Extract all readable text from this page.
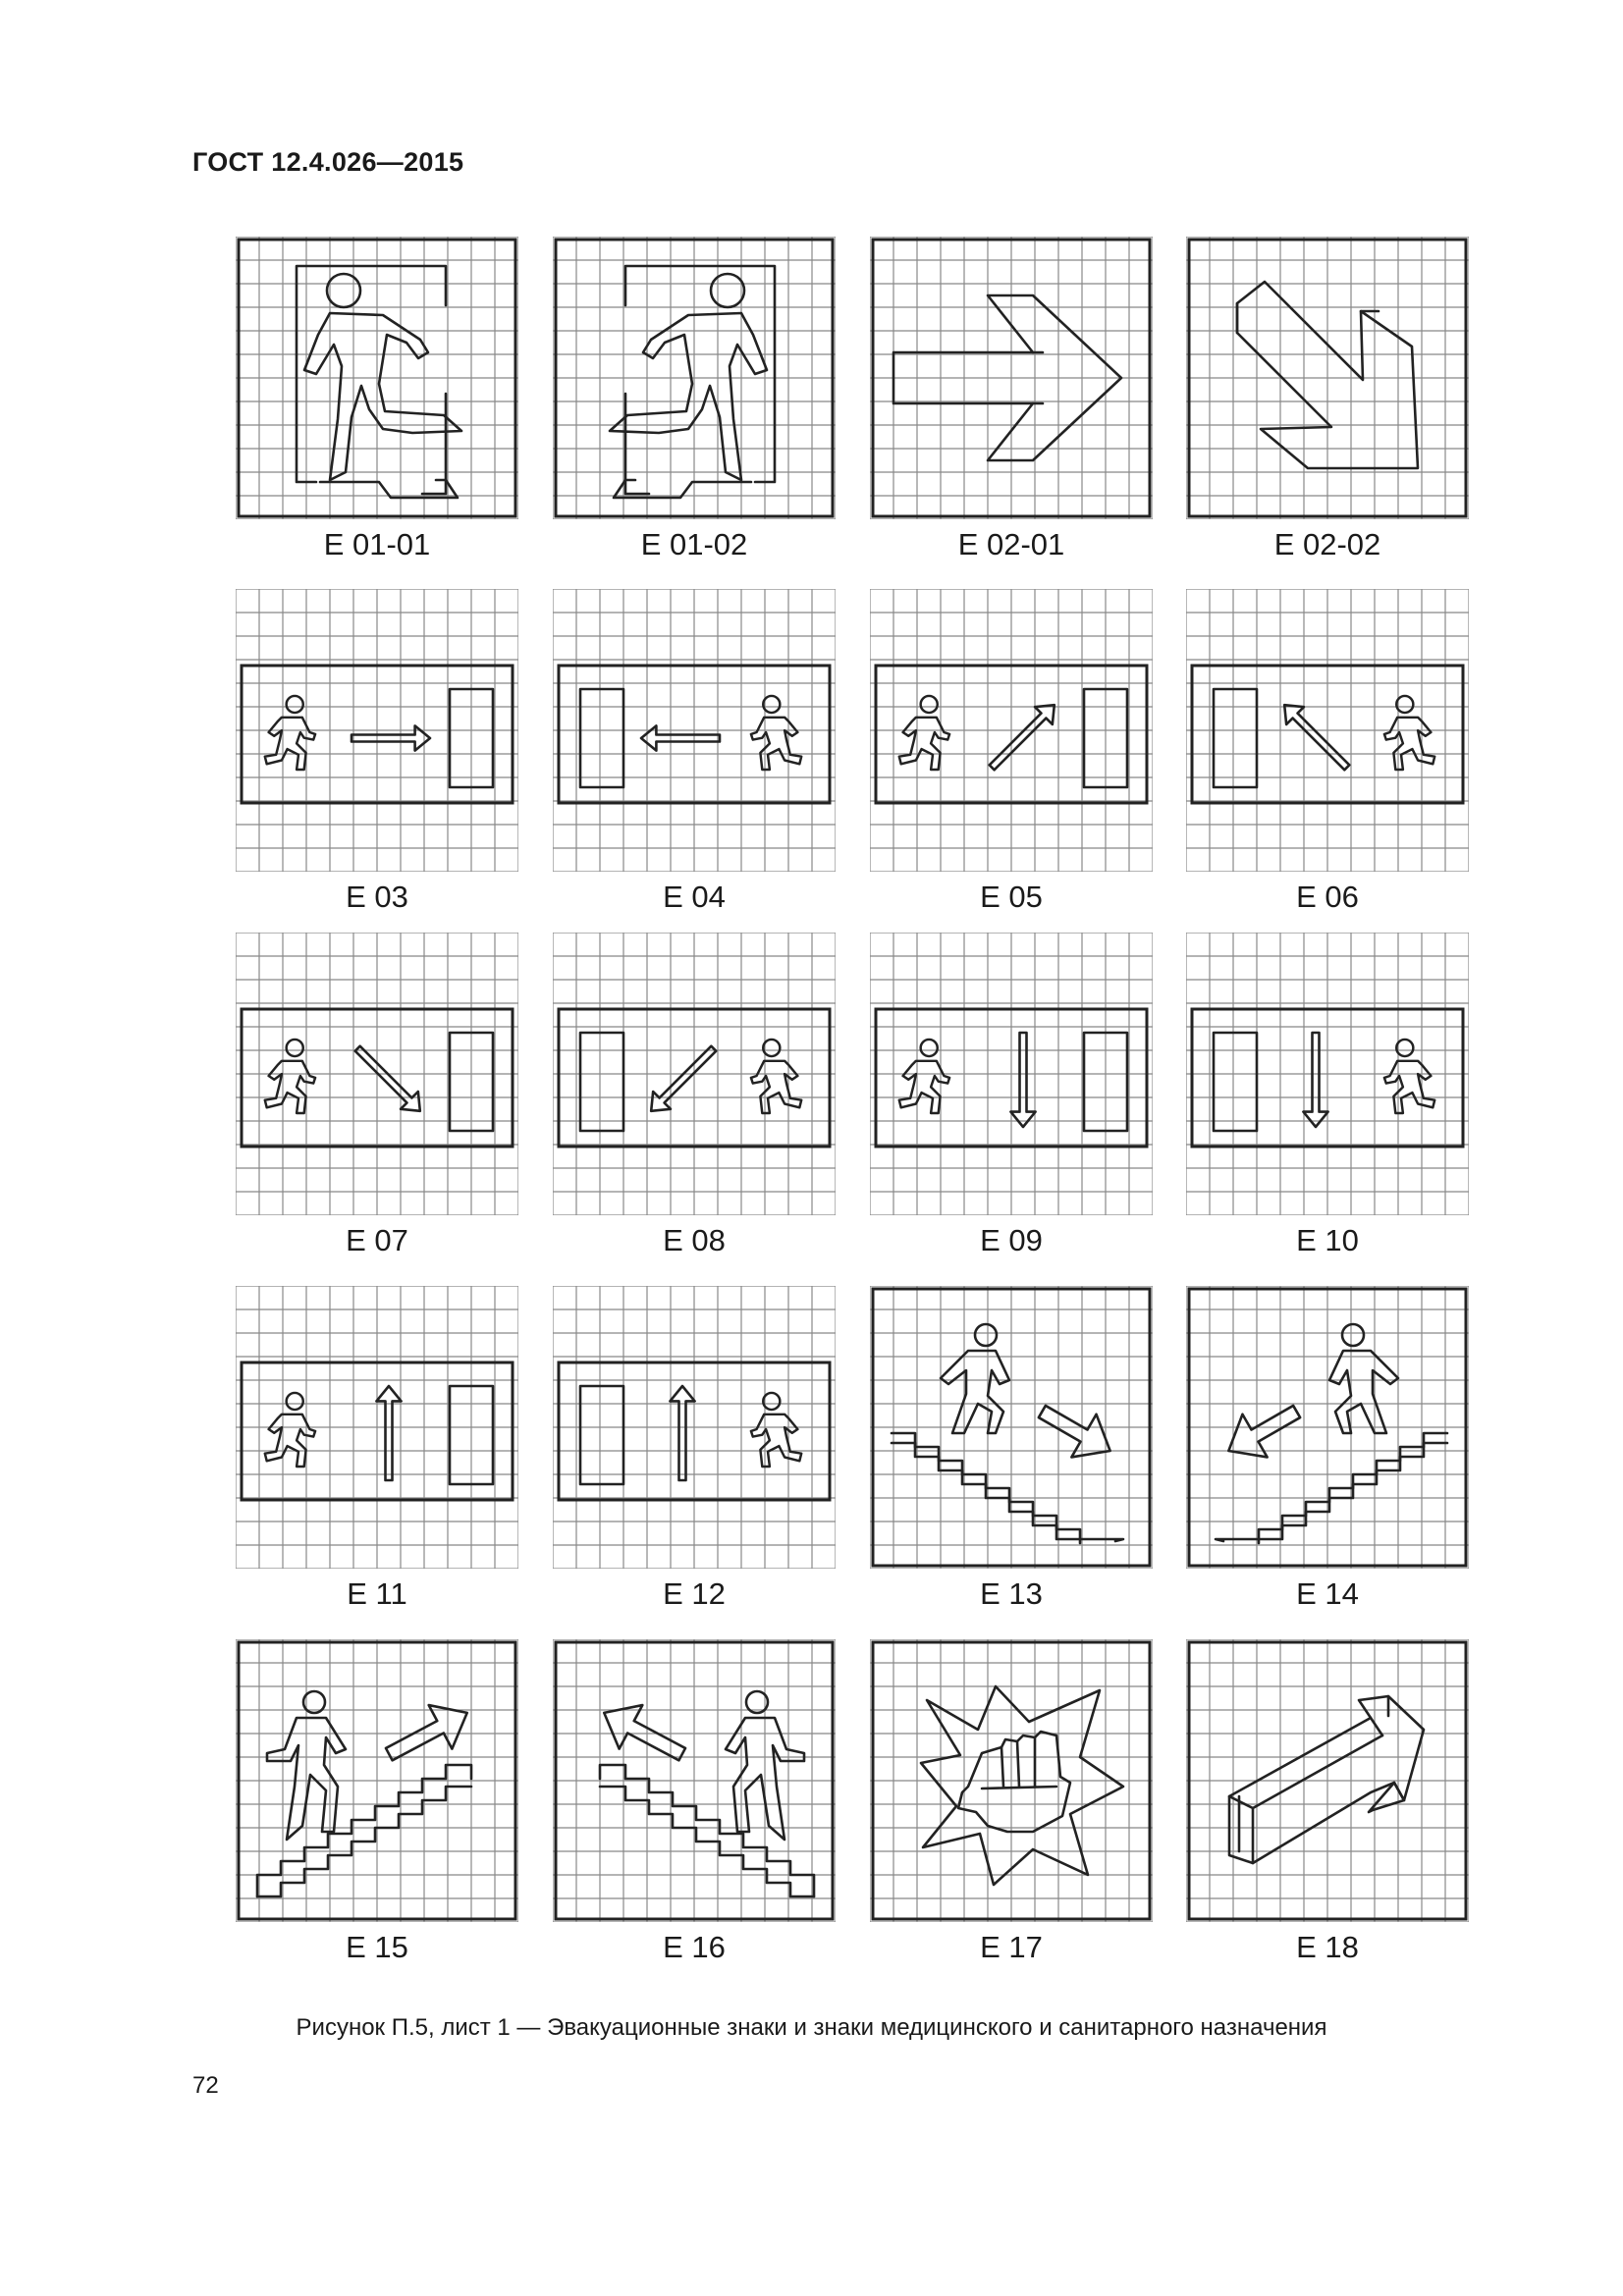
ГОСТ 12.4.026—2015
E 01-01	E 01-02	E 02-01	E 02-02
E 03	E 04	E 05	E 06
E 07	E 08	E 09	E 10
E 11	E 12	E 13	E 14
E 15	E 16	E 17	E 18
Рисунок П.5, лист 1 — Эвакуационные знаки и знаки медицинского и санитарного назначения
72
